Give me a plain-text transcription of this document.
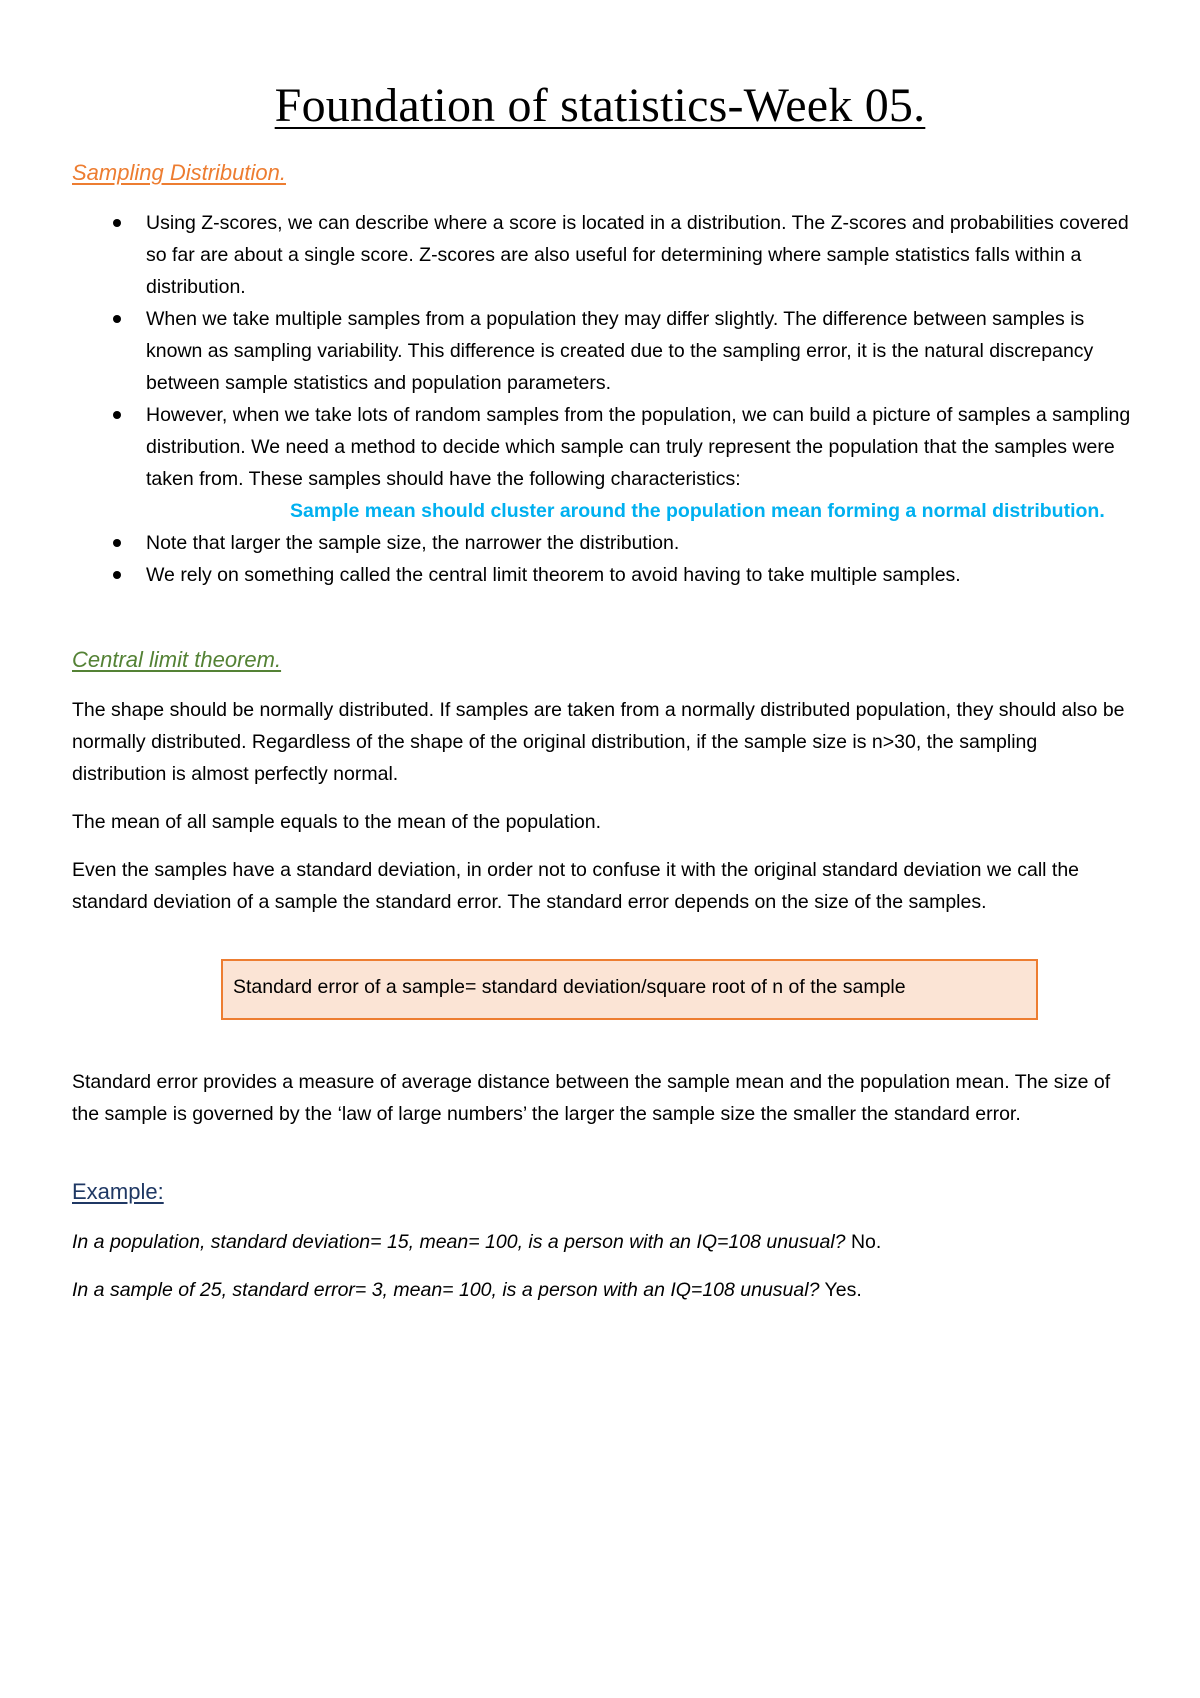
Foundation of statistics-Week 05.
Sampling Distribution.
Using Z-scores, we can describe where a score is located in a distribution. The Z-scores and probabilities covered so far are about a single score. Z-scores are also useful for determining where sample statistics falls within a distribution.
When we take multiple samples from a population they may differ slightly. The difference between samples is known as sampling variability. This difference is created due to the sampling error, it is the natural discrepancy between sample statistics and population parameters.
However, when we take lots of random samples from the population, we can build a picture of samples a sampling distribution. We need a method to decide which sample can truly represent the population that the samples were taken from. These samples should have the following characteristics:
Sample mean should cluster around the population mean forming a normal distribution.
Note that larger the sample size, the narrower the distribution.
We rely on something called the central limit theorem to avoid having to take multiple samples.
Central limit theorem.

The shape should be normally distributed. If samples are taken from a normally distributed population, they should also be normally distributed. Regardless of the shape of the original distribution, if the sample size is n>30, the sampling distribution is almost perfectly normal.

The mean of all sample equals to the mean of the population.

Even the samples have a standard deviation, in order not to confuse it with the original standard deviation we call the standard deviation of a sample the standard error. The standard error depends on the size of the samples.

Standard error of a sample= standard deviation/square root of n of the sample

Standard error provides a measure of average distance between the sample mean and the population mean. The size of the sample is governed by the ‘law of large numbers’ the larger the sample size the smaller the standard error.

Example:

In a population, standard deviation= 15, mean= 100, is a person with an IQ=108 unusual? No.

In a sample of 25, standard error= 3, mean= 100, is a person with an IQ=108 unusual? Yes.
